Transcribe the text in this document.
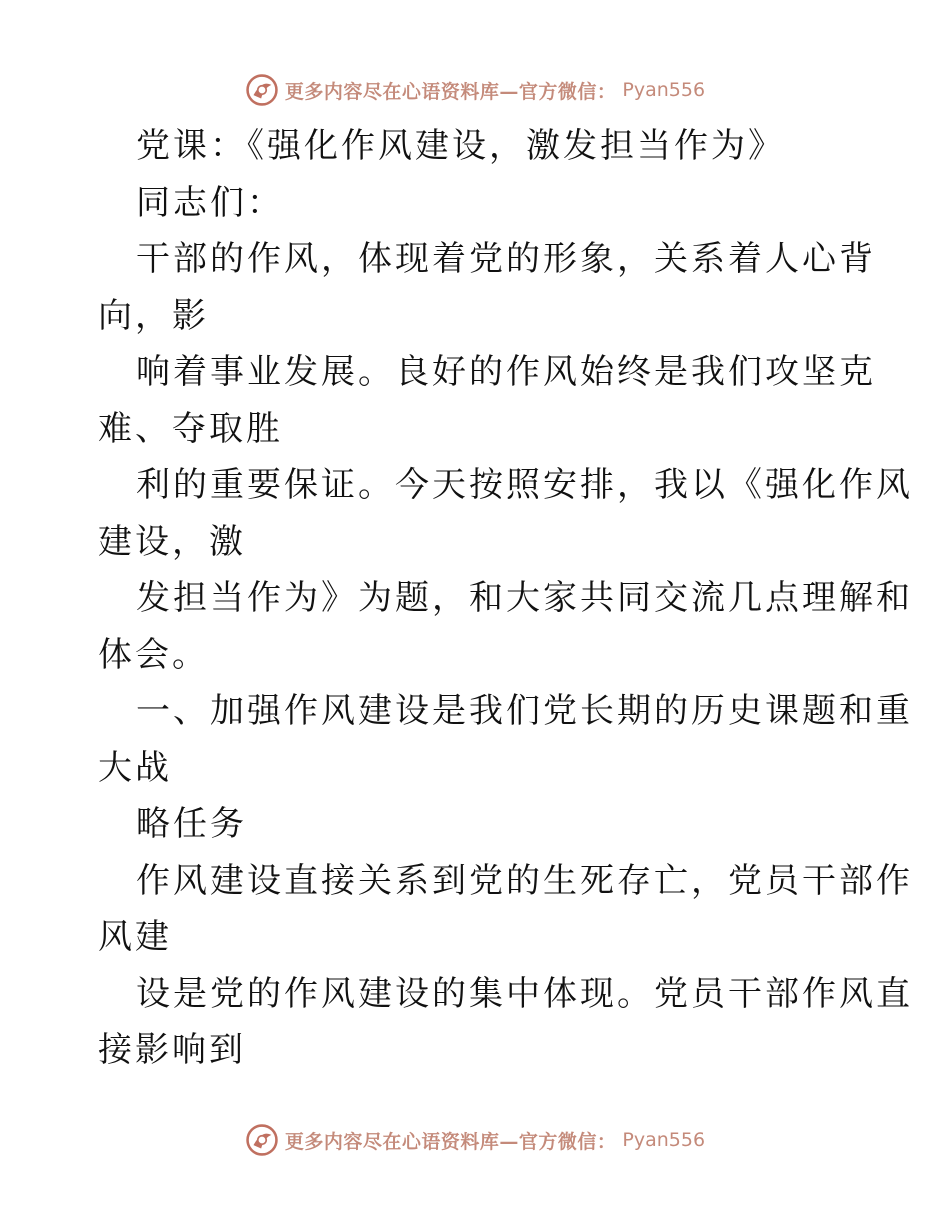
更多内容尽在心语资料库—官方微信： Pyan556
党课：《强化作风建设，激发担当作为》
同志们：
干部的作风，体现着党的形象，关系着人心背
向，影
响着事业发展。良好的作风始终是我们攻坚克
难、夺取胜
利的重要保证。今天按照安排，我以《强化作风
建设，激
发担当作为》为题，和大家共同交流几点理解和
体会。
一、加强作风建设是我们党长期的历史课题和重
大战
略任务
作风建设直接关系到党的生死存亡，党员干部作
风建
设是党的作风建设的集中体现。党员干部作风直
接影响到
更多内容尽在心语资料库—官方微信： Pyan556
